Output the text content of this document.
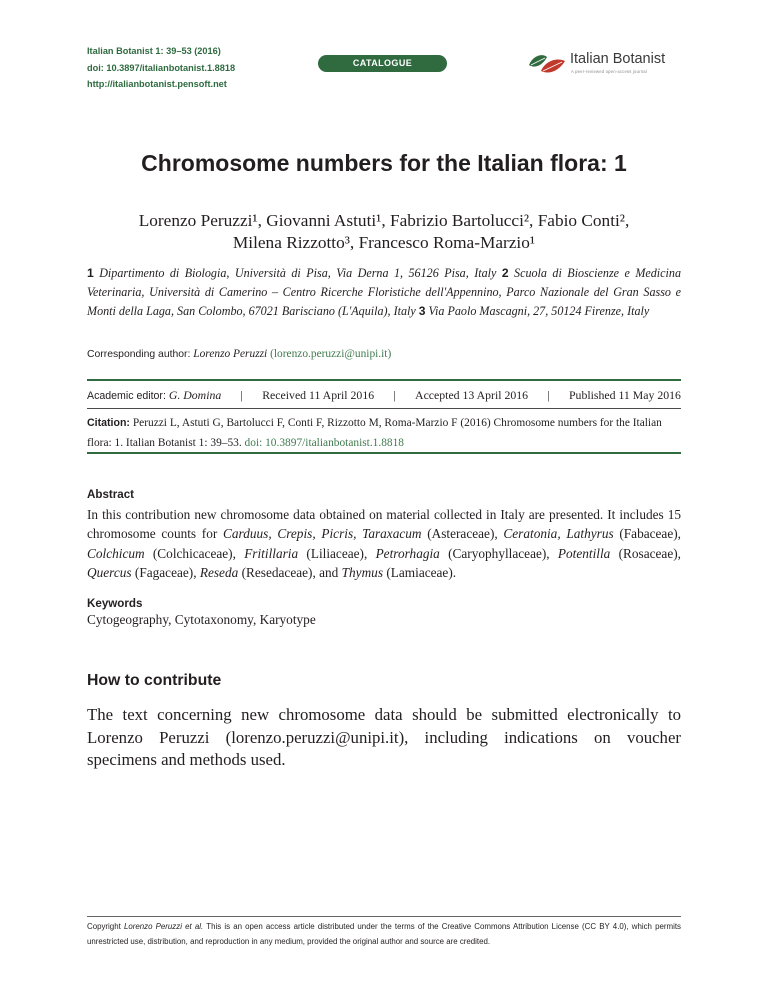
Italian Botanist 1: 39–53 (2016)
doi: 10.3897/italianbotanist.1.8818
http://italianbotanist.pensoft.net
CATALOGUE	Italian Botanist
A peer-reviewed open-access journal
Chromosome numbers for the Italian flora: 1
Lorenzo Peruzzi¹, Giovanni Astuti¹, Fabrizio Bartolucci², Fabio Conti²,
Milena Rizzotto³, Francesco Roma-Marzio¹
1 Dipartimento di Biologia, Università di Pisa, Via Derna 1, 56126 Pisa, Italy 2 Scuola di Bioscienze e Medicina Veterinaria, Università di Camerino – Centro Ricerche Floristiche dell'Appennino, Parco Nazionale del Gran Sasso e Monti della Laga, San Colombo, 67021 Barisciano (L'Aquila), Italy 3 Via Paolo Mascagni, 27, 50124 Firenze, Italy
Corresponding author: Lorenzo Peruzzi (lorenzo.peruzzi@unipi.it)
Academic editor: G. Domina | Received 11 April 2016 | Accepted 13 April 2016 | Published 11 May 2016
Citation: Peruzzi L, Astuti G, Bartolucci F, Conti F, Rizzotto M, Roma-Marzio F (2016) Chromosome numbers for the Italian flora: 1. Italian Botanist 1: 39–53. doi: 10.3897/italianbotanist.1.8818
Abstract
In this contribution new chromosome data obtained on material collected in Italy are presented. It includes 15 chromosome counts for Carduus, Crepis, Picris, Taraxacum (Asteraceae), Ceratonia, Lathyrus (Fabaceae), Colchicum (Colchicaceae), Fritillaria (Liliaceae), Petrorhagia (Caryophyllaceae), Potentilla (Rosaceae), Quercus (Fagaceae), Reseda (Resedaceae), and Thymus (Lamiaceae).
Keywords
Cytogeography, Cytotaxonomy, Karyotype
How to contribute
The text concerning new chromosome data should be submitted electronically to Lorenzo Peruzzi (lorenzo.peruzzi@unipi.it), including indications on voucher specimens and methods used.
Copyright Lorenzo Peruzzi et al. This is an open access article distributed under the terms of the Creative Commons Attribution License (CC BY 4.0), which permits unrestricted use, distribution, and reproduction in any medium, provided the original author and source are credited.
